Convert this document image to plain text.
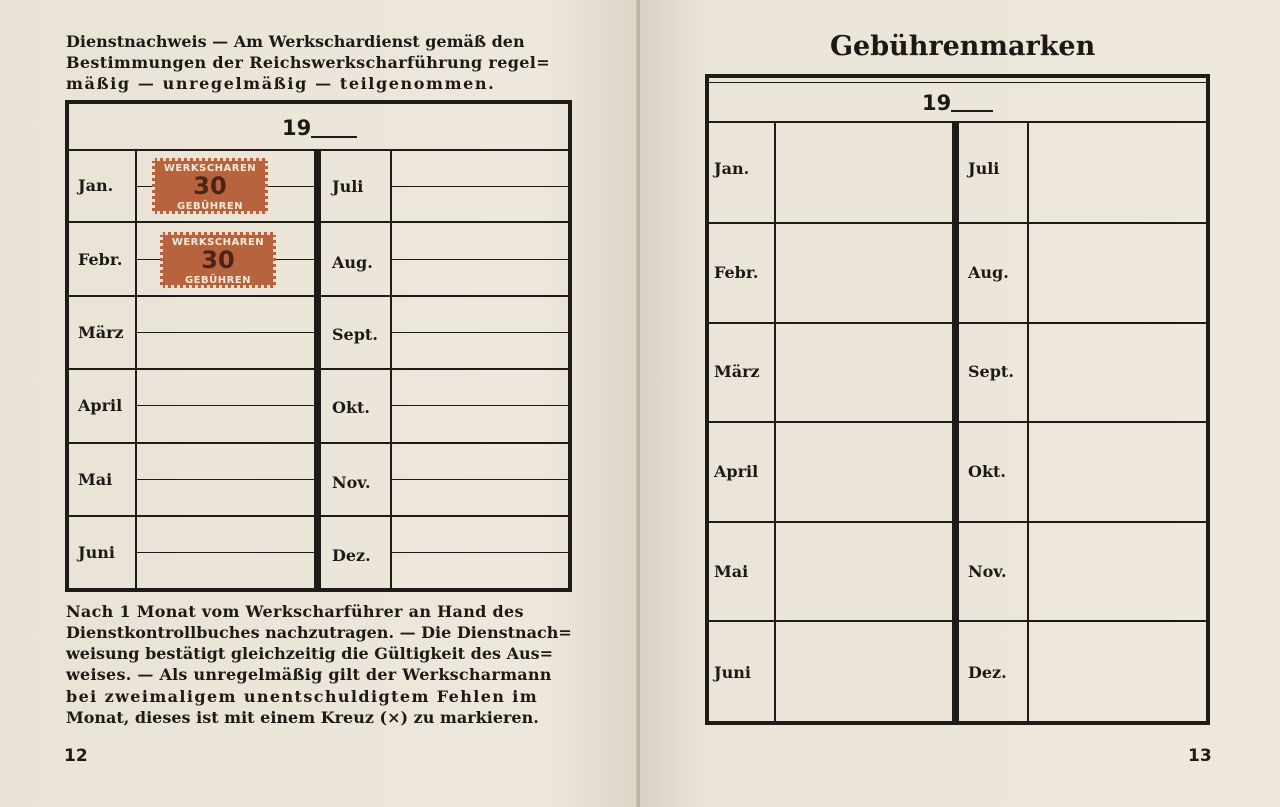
Dienstnachweis — Am Werkschardienst gemäß den
Bestimmungen der Reichswerkscharführung regel=
mäßig — unregelmäßig — teilgenommen.
19
Jan.
Febr.
März
April
Mai
Juni
Juli
Aug.
Sept.
Okt.
Nov.
Dez.
WERKSCHAREN
30
GEBÜHREN
WERKSCHAREN
30
GEBÜHREN
Nach 1 Monat vom Werkscharführer an Hand des
Dienstkontrollbuches nachzutragen. — Die Dienstnach=
weisung bestätigt gleichzeitig die Gültigkeit des Aus=
weises. — Als unregelmäßig gilt der Werkscharmann
bei zweimaligem unentschuldigtem Fehlen im
Monat, dieses ist mit einem Kreuz (×) zu markieren.
12
Gebührenmarken
19
Jan.
Febr.
März
April
Mai
Juni
Juli
Aug.
Sept.
Okt.
Nov.
Dez.
13
